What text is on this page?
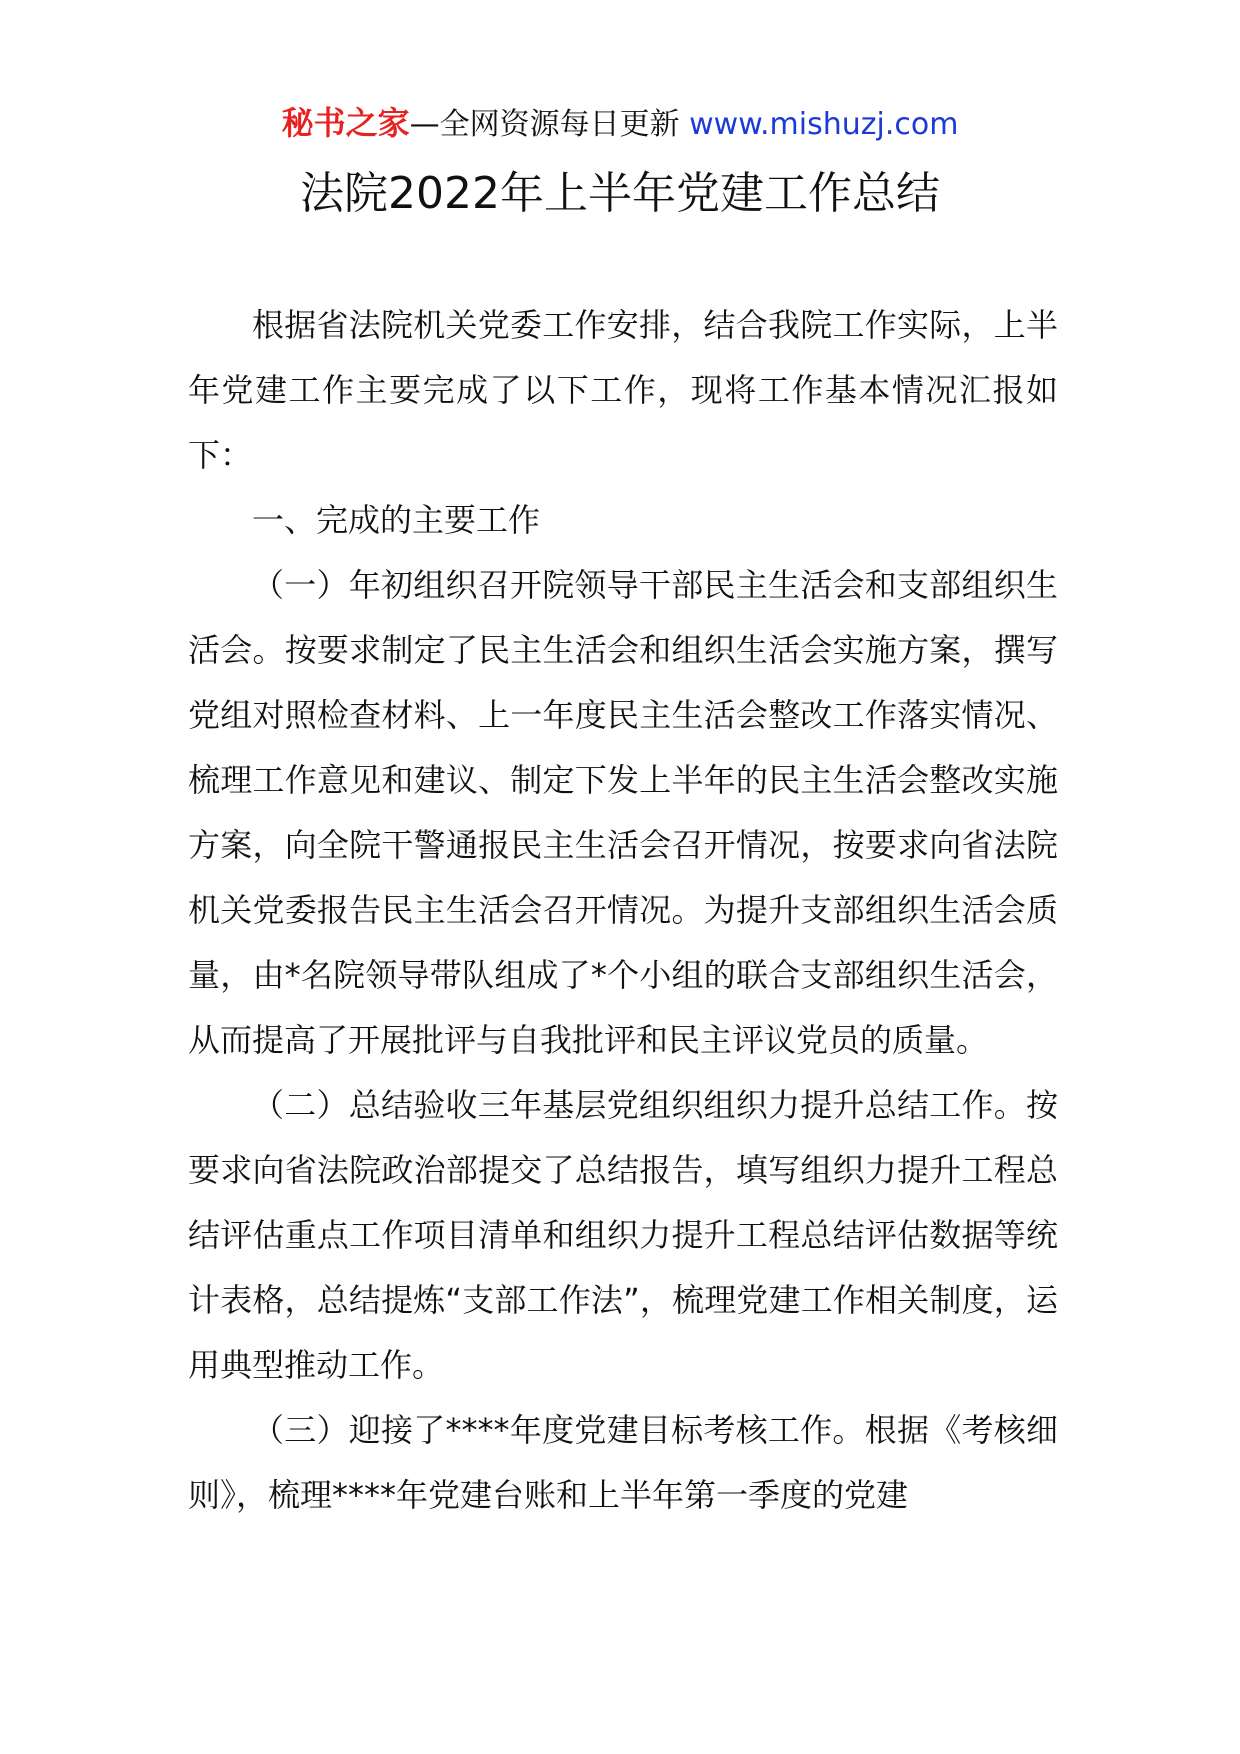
秘书之家—全网资源每日更新 www.mishuzj.com
法院2022年上半年党建工作总结

根据省法院机关党委工作安排，结合我院工作实际，上半年党建工作主要完成了以下工作，现将工作基本情况汇报如下：

一、完成的主要工作

（一）年初组织召开院领导干部民主生活会和支部组织生活会。按要求制定了民主生活会和组织生活会实施方案，撰写党组对照检查材料、上一年度民主生活会整改工作落实情况、梳理工作意见和建议、制定下发上半年的民主生活会整改实施方案，向全院干警通报民主生活会召开情况，按要求向省法院机关党委报告民主生活会召开情况。为提升支部组织生活会质量，由*名院领导带队组成了*个小组的联合支部组织生活会，从而提高了开展批评与自我批评和民主评议党员的质量。

（二）总结验收三年基层党组织组织力提升总结工作。按要求向省法院政治部提交了总结报告，填写组织力提升工程总结评估重点工作项目清单和组织力提升工程总结评估数据等统计表格，总结提炼“支部工作法”，梳理党建工作相关制度，运用典型推动工作。

（三）迎接了****年度党建目标考核工作。根据《考核细则》，梳理****年党建台账和上半年第一季度的党建
